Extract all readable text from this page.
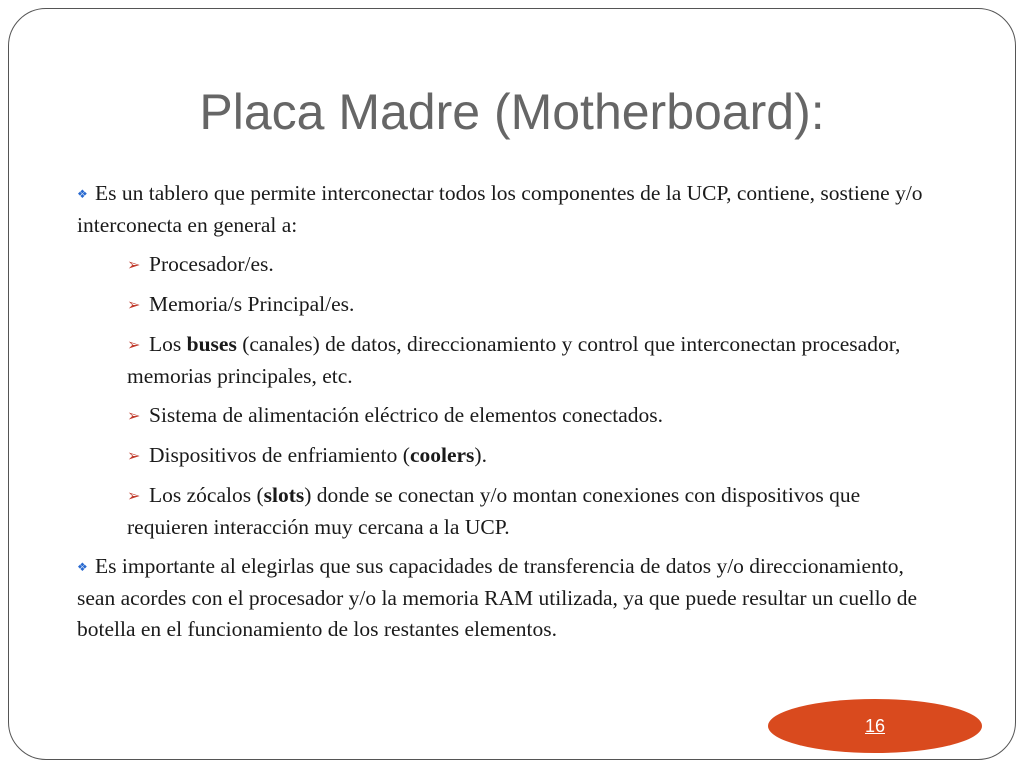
Placa Madre (Motherboard):

❖ Es un tablero que permite interconectar todos los componentes de la UCP, contiene, sostiene y/o interconecta en general a:

➢ Procesador/es.

➢ Memoria/s Principal/es.

➢ Los buses (canales) de datos, direccionamiento y control que interconectan procesador, memorias principales, etc.

➢ Sistema de alimentación eléctrico de elementos conectados.

➢ Dispositivos de enfriamiento (coolers).

➢ Los zócalos (slots) donde se conectan y/o montan conexiones con dispositivos que requieren interacción muy cercana a la UCP.

❖ Es importante al elegirlas que sus capacidades de transferencia de datos y/o direccionamiento, sean acordes con el procesador y/o la memoria RAM utilizada, ya que puede resultar un cuello de botella en el funcionamiento de los restantes elementos.

16
